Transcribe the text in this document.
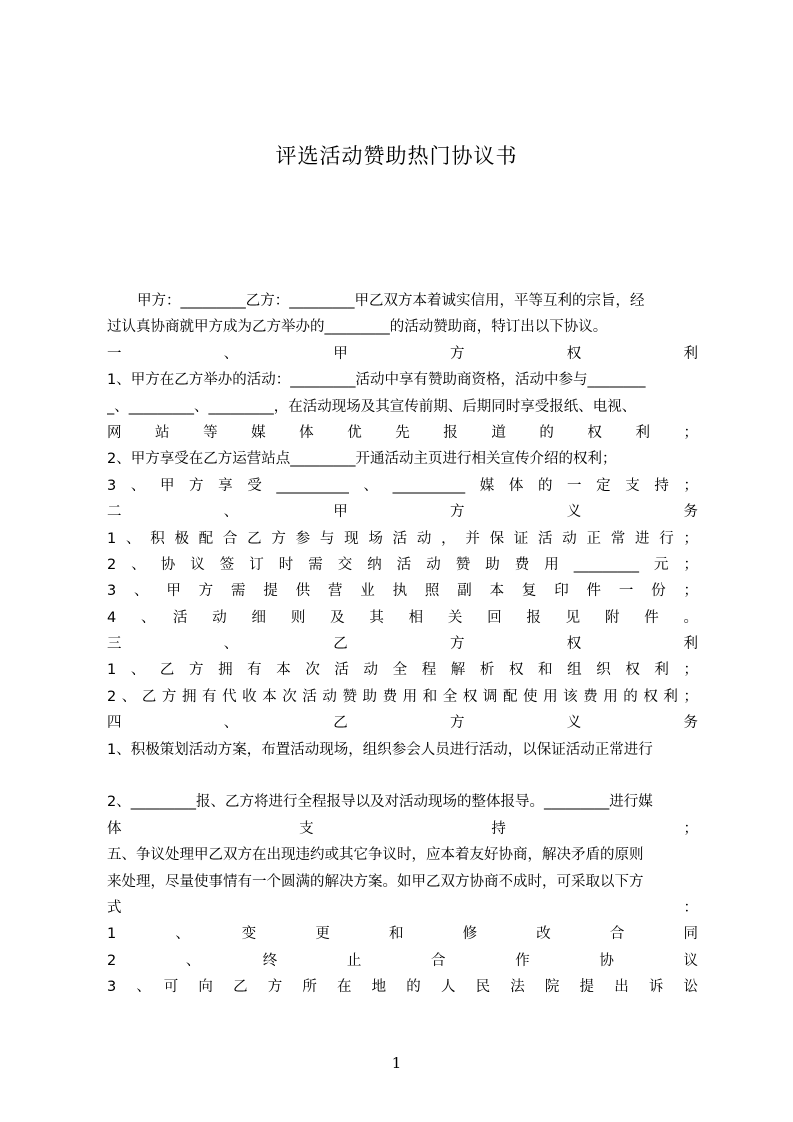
评选活动赞助热门协议书
甲方：_________乙方：_________甲乙双方本着诚实信用，平等互利的宗旨，经
过认真协商就甲方成为乙方举办的_________的活动赞助商，特订出以下协议。
一　、　甲　方　权　利
1、甲方在乙方举办的活动：_________活动中享有赞助商资格，活动中参与________
_、_________、_________，在活动现场及其宣传前期、后期同时享受报纸、电视、
网　站　等　媒　体　优　先　报　道　的　权　利　；
2、甲方享受在乙方运营站点_________开通活动主页进行相关宣传介绍的权利；
3、甲方享受__________、__________媒体的一定支持；
二　、　甲　方　义　务
1、积极配合乙方参与现场活动，并保证活动正常进行；
2、协议签订时需交纳活动赞助费用_________元；
3、甲方需提供营业执照副本复印件一份；
4　、　活　动　细　则　及　其　相　关　回　报　见　附　件　。
三　、　乙　方　权　利
1、乙方拥有本次活动全程解析权和组织权利；
2、乙方拥有代收本次活动赞助费用和全权调配使用该费用的权利；
四　、　乙　方　义　务
1、积极策划活动方案，布置活动现场，组织参会人员进行活动，以保证活动正常进行
2、_________报、乙方将进行全程报导以及对活动现场的整体报导。_________进行媒
体　支　持　；
五、争议处理甲乙双方在出现违约或其它争议时，应本着友好协商，解决矛盾的原则
来处理，尽量使事情有一个圆满的解决方案。如甲乙双方协商不成时，可采取以下方
式　：
1　、　变　更　和　修　改　合　同
2　、　终　止　合　作　协　议
3　、　可　向　乙　方　所　在　地　的　人　民　法　院　提　出　诉　讼
1
